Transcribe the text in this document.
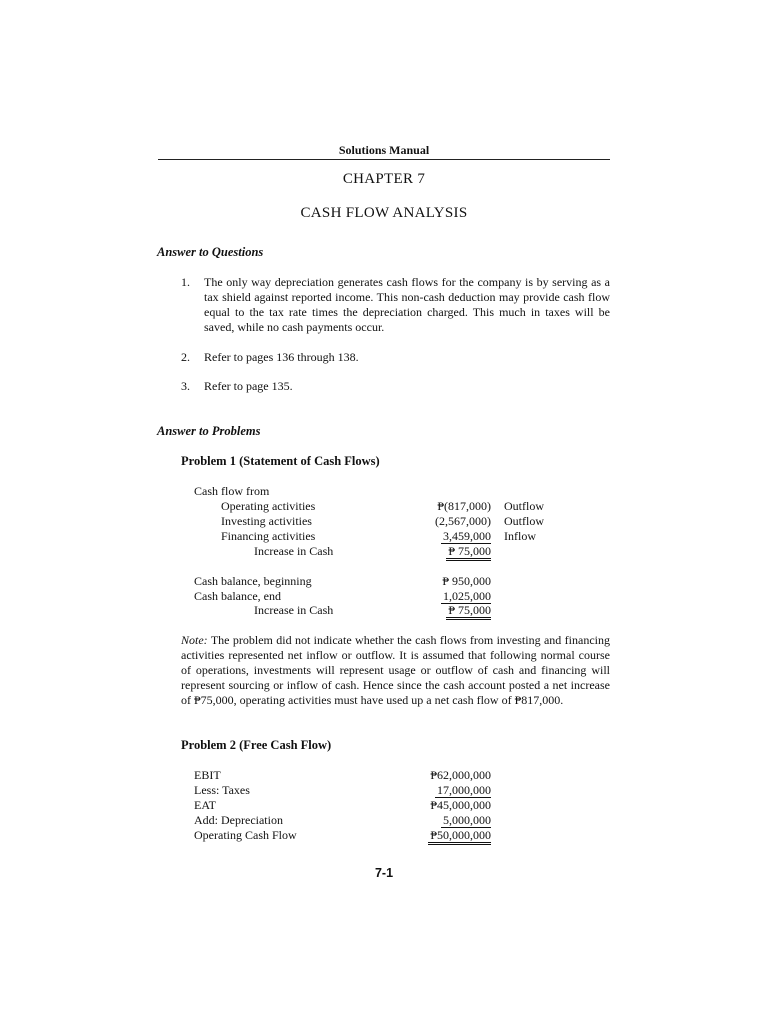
Solutions Manual
CHAPTER 7
CASH FLOW ANALYSIS
Answer to Questions
1. The only way depreciation generates cash flows for the company is by serving as a tax shield against reported income. This non-cash deduction may provide cash flow equal to the tax rate times the depreciation charged. This much in taxes will be saved, while no cash payments occur.
2. Refer to pages 136 through 138.
3. Refer to page 135.
Answer to Problems
Problem 1 (Statement of Cash Flows)
Cash flow from
Operating activities	₱(817,000) Outflow
Investing activities	(2,567,000) Outflow
Financing activities	3,459,000 Inflow
Increase in Cash	₱ 75,000
Cash balance, beginning	₱ 950,000
Cash balance, end	1,025,000
Increase in Cash	₱ 75,000
Note: The problem did not indicate whether the cash flows from investing and financing activities represented net inflow or outflow. It is assumed that following normal course of operations, investments will represent usage or outflow of cash and financing will represent sourcing or inflow of cash. Hence since the cash account posted a net increase of ₱75,000, operating activities must have used up a net cash flow of ₱817,000.
Problem 2 (Free Cash Flow)
EBIT	₱62,000,000
Less: Taxes	17,000,000
EAT	₱45,000,000
Add: Depreciation	5,000,000
Operating Cash Flow	₱50,000,000
7-1
